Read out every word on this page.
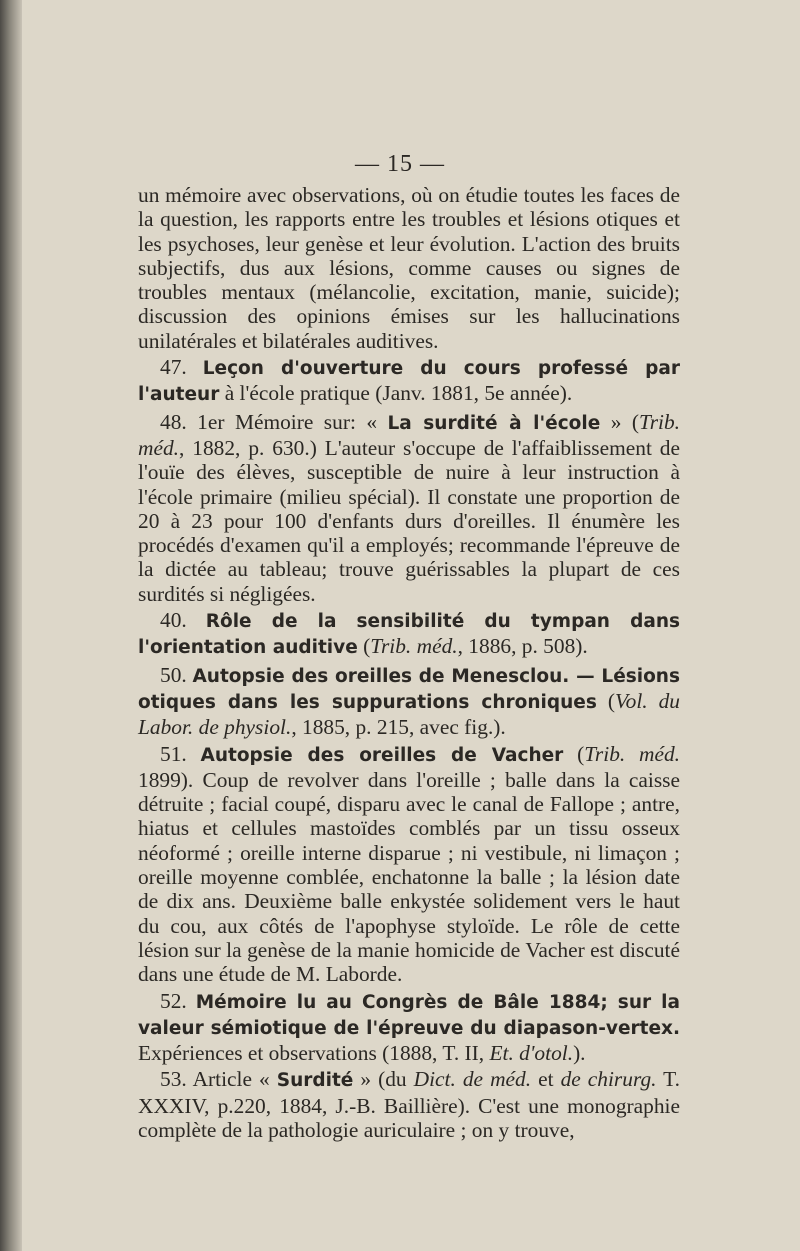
— 15 —

un mémoire avec observations, où on étudie toutes les faces de la question, les rapports entre les troubles et lésions otiques et les psychoses, leur genèse et leur évolution. L'action des bruits subjectifs, dus aux lésions, comme causes ou signes de troubles mentaux (mélancolie, excitation, manie, suicide); discussion des opinions émises sur les hallucinations unilatérales et bilatérales auditives.

47. Leçon d'ouverture du cours professé par l'auteur à l'école pratique (Janv. 1881, 5e année).

48. 1er Mémoire sur: « La surdité à l'école » (Trib. méd., 1882, p. 630.) L'auteur s'occupe de l'affaiblissement de l'ouïe des élèves, susceptible de nuire à leur instruction à l'école primaire (milieu spécial). Il constate une proportion de 20 à 23 pour 100 d'enfants durs d'oreilles. Il énumère les procédés d'examen qu'il a employés; recommande l'épreuve de la dictée au tableau; trouve guérissables la plupart de ces surdités si négligées.

40. Rôle de la sensibilité du tympan dans l'orientation auditive (Trib. méd., 1886, p. 508).

50. Autopsie des oreilles de Menesclou. — Lésions otiques dans les suppurations chroniques (Vol. du Labor. de physiol., 1885, p. 215, avec fig.).

51. Autopsie des oreilles de Vacher (Trib. méd. 1899). Coup de revolver dans l'oreille ; balle dans la caisse détruite ; facial coupé, disparu avec le canal de Fallope ; antre, hiatus et cellules mastoïdes comblés par un tissu osseux néoformé ; oreille interne disparue ; ni vestibule, ni limaçon ; oreille moyenne comblée, enchatonne la balle ; la lésion date de dix ans. Deuxième balle enkystée solidement vers le haut du cou, aux côtés de l'apophyse styloïde. Le rôle de cette lésion sur la genèse de la manie homicide de Vacher est discuté dans une étude de M. Laborde.

52. Mémoire lu au Congrès de Bâle 1884; sur la valeur sémiotique de l'épreuve du diapason-vertex. Expériences et observations (1888, T. II, Et. d'otol.).

53. Article « Surdité » (du Dict. de méd. et de chirurg. T. XXXIV, p.220, 1884, J.-B. Baillière). C'est une monographie complète de la pathologie auriculaire ; on y trouve,
